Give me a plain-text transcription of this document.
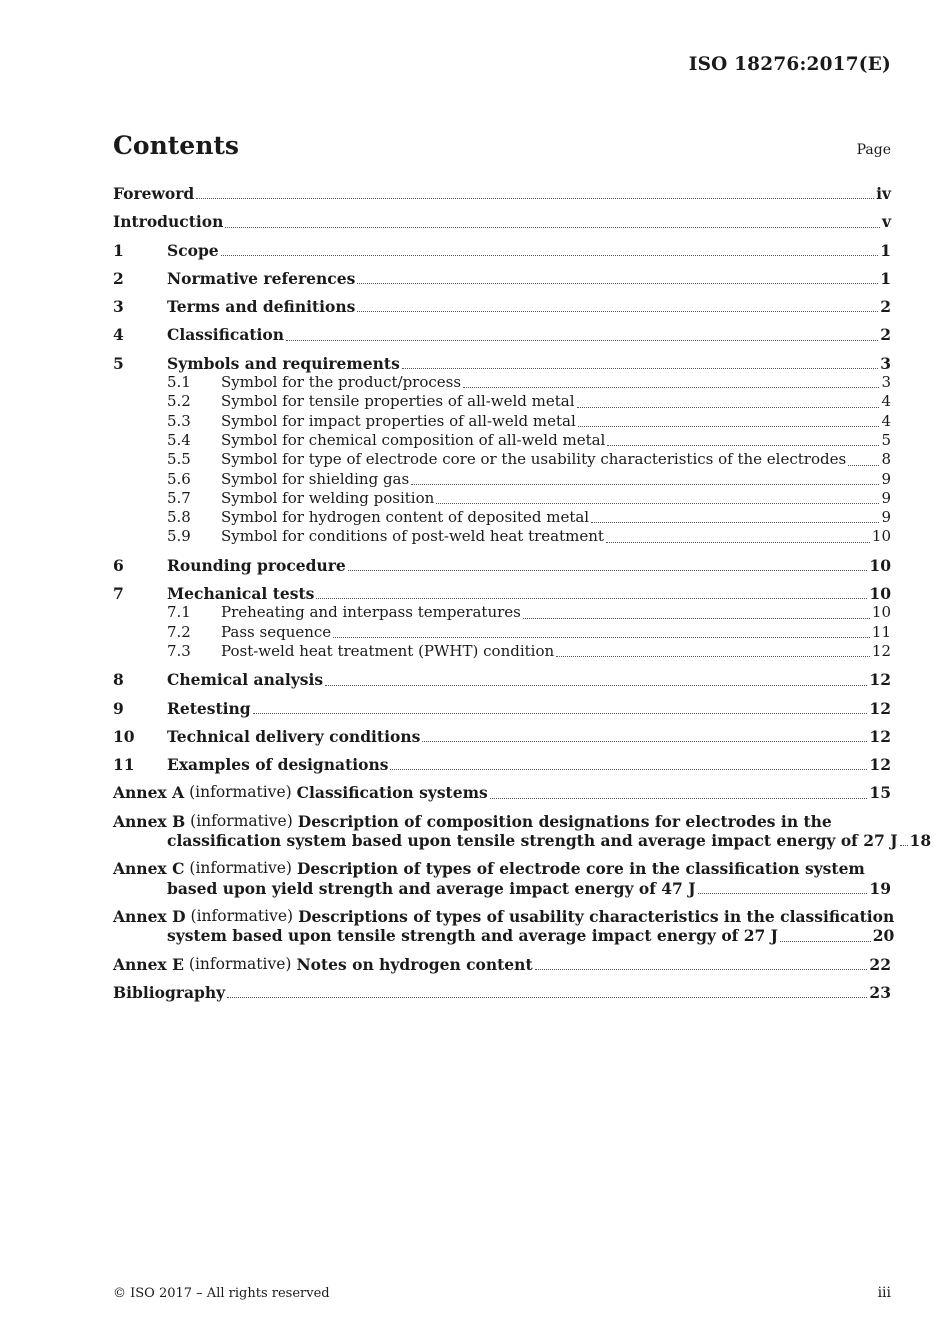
ISO 18276:2017(E)
Contents	Page
Foreword	iv
Introduction	v
1	Scope	1
2	Normative references	1
3	Terms and definitions	2
4	Classification	2
5	Symbols and requirements	3
5.1	Symbol for the product/process	3
5.2	Symbol for tensile properties of all-weld metal	4
5.3	Symbol for impact properties of all-weld metal	4
5.4	Symbol for chemical composition of all-weld metal	5
5.5	Symbol for type of electrode core or the usability characteristics of the electrodes 8
5.6	Symbol for shielding gas	9
5.7	Symbol for welding position	9
5.8	Symbol for hydrogen content of deposited metal	9
5.9	Symbol for conditions of post-weld heat treatment	10
6	Rounding procedure	10
7	Mechanical tests	10
7.1	Preheating and interpass temperatures	10
7.2	Pass sequence	11
7.3	Post-weld heat treatment (PWHT) condition	12
8	Chemical analysis	12
9	Retesting	12
10	Technical delivery conditions	12
11	Examples of designations	12
Annex A (informative) Classification systems	15
Annex B (informative) Description of composition designations for electrodes in the
classification system based upon tensile strength and average impact energy of 27 J 18
Annex C (informative) Description of types of electrode core in the classification system
based upon yield strength and average impact energy of 47 J	19
Annex D (informative) Descriptions of types of usability characteristics in the classification
system based upon tensile strength and average impact energy of 27 J	20
Annex E (informative) Notes on hydrogen content	22
Bibliography	23
© ISO 2017 – All rights reserved	iii
